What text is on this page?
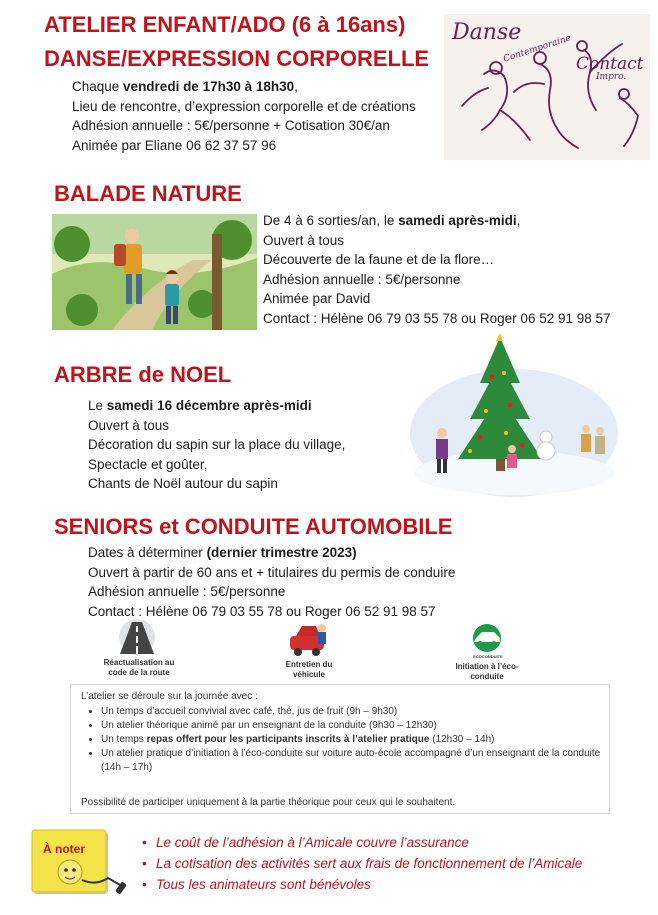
ATELIER ENFANT/ADO (6 à 16ans)
DANSE/EXPRESSION CORPORELLE
Chaque vendredi de 17h30 à 18h30,
Lieu de rencontre, d’expression corporelle et de créations
Adhésion annuelle : 5€/personne + Cotisation 30€/an
Animée par Eliane 06 62 37 57 96
Danse
Contemporaine Contact
Impro.
BALADE NATURE
De 4 à 6 sorties/an, le samedi après-midi,
Ouvert à tous
Découverte de la faune et de la flore…
Adhésion annuelle : 5€/personne
Animée par David
Contact : Hélène 06 79 03 55 78 ou Roger 06 52 91 98 57
ARBRE de NOEL
Le samedi 16 décembre après-midi
Ouvert à tous
Décoration du sapin sur la place du village,
Spectacle et goûter,
Chants de Noël autour du sapin
SENIORS et CONDUITE AUTOMOBILE
Dates à déterminer (dernier trimestre 2023)
Ouvert à partir de 60 ans et + titulaires du permis de conduire
Adhésion annuelle : 5€/personne
Contact : Hélène 06 79 03 55 78 ou Roger 06 52 91 98 57
Réactualisation au code de la route
Entretien du véhicule
ECOCONDUITE
Initiation à l’éco-conduite
L’atelier se déroule sur la journée avec :
• Un temps d’accueil convivial avec café, thé, jus de fruit (9h – 9h30)
• Un atelier théorique animé par un enseignant de la conduite (9h30 – 12h30)
• Un temps repas offert pour les participants inscrits à l’atelier pratique (12h30 – 14h)
• Un atelier pratique d’initiation à l’éco-conduite sur voiture auto-école accompagné d’un enseignant de la conduite (14h – 17h)
Possibilité de participer uniquement à la partie théorique pour ceux qui le souhaitent.
À noter	• Le coût de l’adhésion à l’Amicale couvre l’assurance
• La cotisation des activités sert aux frais de fonctionnement de l’Amicale
• Tous les animateurs sont bénévoles
